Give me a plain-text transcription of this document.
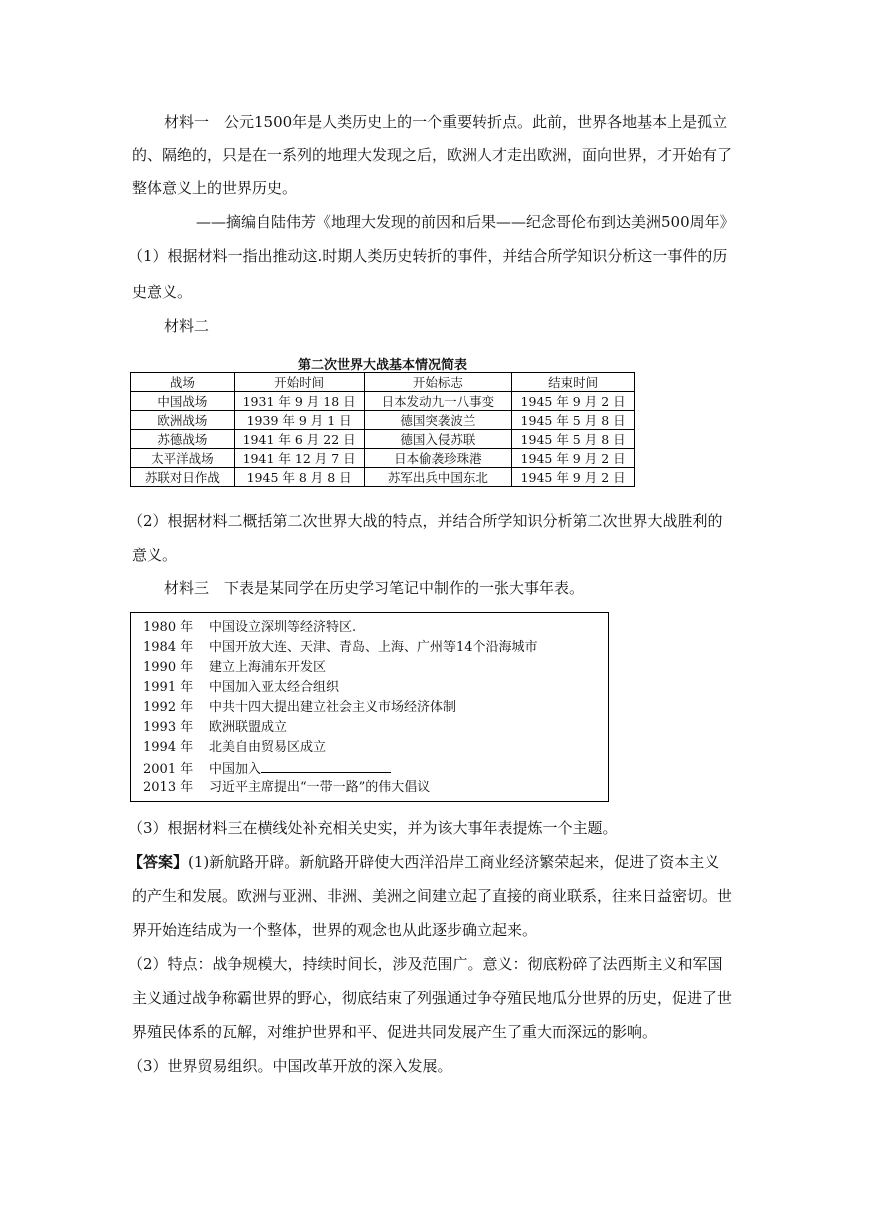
材料一　公元1500年是人类历史上的一个重要转折点。此前，世界各地基本上是孤立
的、隔绝的，只是在一系列的地理大发现之后，欧洲人才走出欧洲，面向世界，才开始有了
整体意义上的世界历史。
——摘编自陆伟芳《地理大发现的前因和后果——纪念哥伦布到达美洲500周年》
（1）根据材料一指出推动这.时期人类历史转折的事件，并结合所学知识分析这一事件的历
史意义。
材料二
第二次世界大战基本情况简表
战场	开始时间	开始标志	结束时间
中国战场	1931 年 9 月 18 日	日本发动九一八事变	1945 年 9 月 2 日
欧洲战场	1939 年 9 月 1 日	德国突袭波兰	1945 年 5 月 8 日
苏德战场	1941 年 6 月 22 日	德国入侵苏联	1945 年 5 月 8 日
太平洋战场	1941 年 12 月 7 日	日本偷袭珍珠港	1945 年 9 月 2 日
苏联对日作战	1945 年 8 月 8 日	苏军出兵中国东北	1945 年 9 月 2 日
（2）根据材料二概括第二次世界大战的特点，并结合所学知识分析第二次世界大战胜利的
意义。
材料三　下表是某同学在历史学习笔记中制作的一张大事年表。
1980 年 中国设立深圳等经济特区.
1984 年 中国开放大连、天津、青岛、上海、广州等14个沿海城市
1990 年 建立上海浦东开发区
1991 年 中国加入亚太经合组织
1992 年 中共十四大提出建立社会主义市场经济体制
1993 年 欧洲联盟成立
1994 年 北美自由贸易区成立
2001 年 中国加入
2013 年 习近平主席提出“一带一路”的伟大倡议
（3）根据材料三在横线处补充相关史实，并为该大事年表提炼一个主题。
【答案】(1)新航路开辟。新航路开辟使大西洋沿岸工商业经济繁荣起来，促进了资本主义
的产生和发展。欧洲与亚洲、非洲、美洲之间建立起了直接的商业联系，往来日益密切。世
界开始连结成为一个整体，世界的观念也从此逐步确立起来。
（2）特点：战争规模大，持续时间长，涉及范围广。意义：彻底粉碎了法西斯主义和军国
主义通过战争称霸世界的野心，彻底结束了列强通过争夺殖民地瓜分世界的历史，促进了世
界殖民体系的瓦解，对维护世界和平、促进共同发展产生了重大而深远的影响。
（3）世界贸易组织。中国改革开放的深入发展。
